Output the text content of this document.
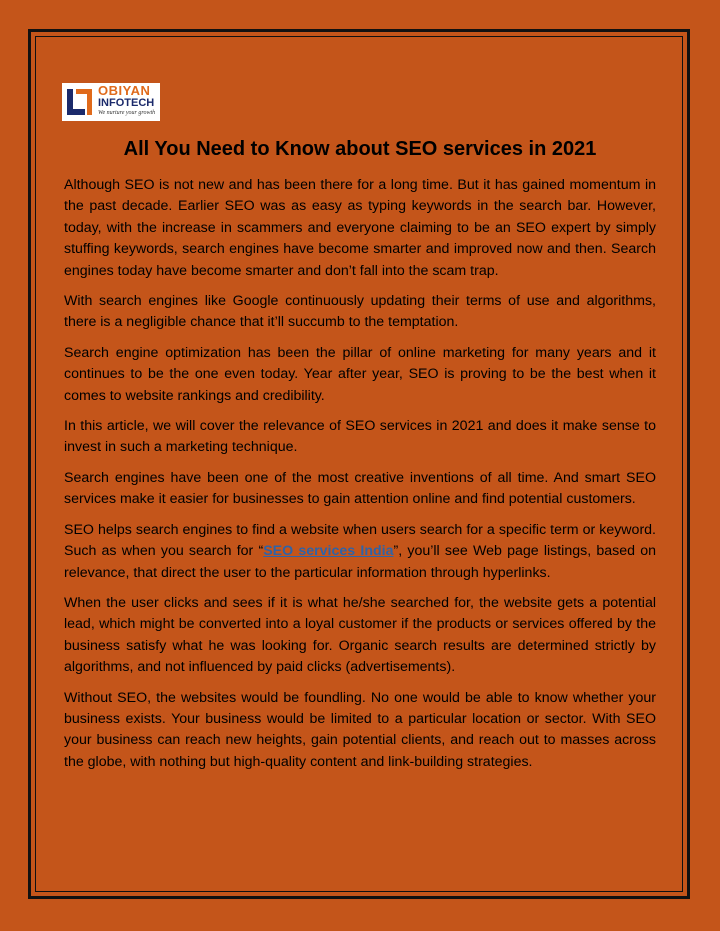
OBIYAN
INFOTECH
We nurture your growth
All You Need to Know about SEO services in 2021

Although SEO is not new and has been there for a long time. But it has gained momentum in the past decade. Earlier SEO was as easy as typing keywords in the search bar. However, today, with the increase in scammers and everyone claiming to be an SEO expert by simply stuffing keywords, search engines have become smarter and improved now and then. Search engines today have become smarter and don’t fall into the scam trap.

With search engines like Google continuously updating their terms of use and algorithms, there is a negligible chance that it’ll succumb to the temptation.

Search engine optimization has been the pillar of online marketing for many years and it continues to be the one even today. Year after year, SEO is proving to be the best when it comes to website rankings and credibility.

In this article, we will cover the relevance of SEO services in 2021 and does it make sense to invest in such a marketing technique.

Search engines have been one of the most creative inventions of all time. And smart SEO services make it easier for businesses to gain attention online and find potential customers.

SEO helps search engines to find a website when users search for a specific term or keyword. Such as when you search for “SEO services India”, you’ll see Web page listings, based on relevance, that direct the user to the particular information through hyperlinks.

When the user clicks and sees if it is what he/she searched for, the website gets a potential lead, which might be converted into a loyal customer if the products or services offered by the business satisfy what he was looking for. Organic search results are determined strictly by algorithms, and not influenced by paid clicks (advertisements).

Without SEO, the websites would be foundling. No one would be able to know whether your business exists. Your business would be limited to a particular location or sector. With SEO your business can reach new heights, gain potential clients, and reach out to masses across the globe, with nothing but high-quality content and link-building strategies.
